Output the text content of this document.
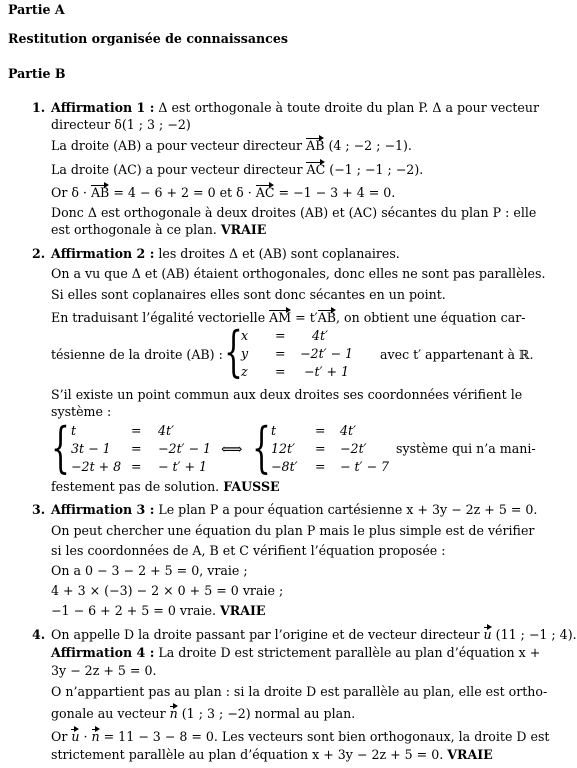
Partie A
Restitution organisée de connaissances
Partie B
1. Affirmation 1 : Δ est orthogonale à toute droite du plan P. Δ a pour vecteur
directeur δ(1 ; 3 ; −2)
La droite (AB) a pour vecteur directeur AB (4 ; −2 ; −1).
La droite (AC) a pour vecteur directeur AC (−1 ; −1 ; −2).
Or δ · AB = 4 − 6 + 2 = 0 et δ · AC = −1 − 3 + 4 = 0.
Donc Δ est orthogonale à deux droites (AB) et (AC) sécantes du plan P : elle
est orthogonale à ce plan. VRAIE
2. Affirmation 2 : les droites Δ et (AB) sont coplanaires.
On a vu que Δ et (AB) étaient orthogonales, donc elles ne sont pas parallèles.
Si elles sont coplanaires elles sont donc sécantes en un point.
En traduisant l’égalité vectorielle AM = t′AB, on obtient une équation car-
tésienne de la droite (AB) : {
x = 4t′
y = −2t′ − 1
z = −t′ + 1
avec t′ appartenant à ℝ.
S’il existe un point commun aux deux droites ses coordonnées vérifient le
système :
{ t	= 4t′
3t − 1 = −2t′ − 1
−2t + 8 = − t′ + 1
⟺ { t	= 4t′
12t′ = −2t′
−8t′ = − t′ − 7
système qui n’a mani-
festement pas de solution. FAUSSE
3. Affirmation 3 : Le plan P a pour équation cartésienne x + 3y − 2z + 5 = 0.
On peut chercher une équation du plan P mais le plus simple est de vérifier
si les coordonnées de A, B et C vérifient l’équation proposée :
On a 0 − 3 − 2 + 5 = 0, vraie ;
4 + 3 × (−3) − 2 × 0 + 5 = 0 vraie ;
−1 − 6 + 2 + 5 = 0 vraie. VRAIE
4. On appelle D la droite passant par l’origine et de vecteur directeur u (11 ; −1 ; 4).
Affirmation 4 : La droite D est strictement parallèle au plan d’équation x +
3y − 2z + 5 = 0.
O n’appartient pas au plan : si la droite D est parallèle au plan, elle est ortho-
gonale au vecteur n (1 ; 3 ; −2) normal au plan.
Or u · n = 11 − 3 − 8 = 0. Les vecteurs sont bien orthogonaux, la droite D est
strictement parallèle au plan d’équation x + 3y − 2z + 5 = 0. VRAIE
